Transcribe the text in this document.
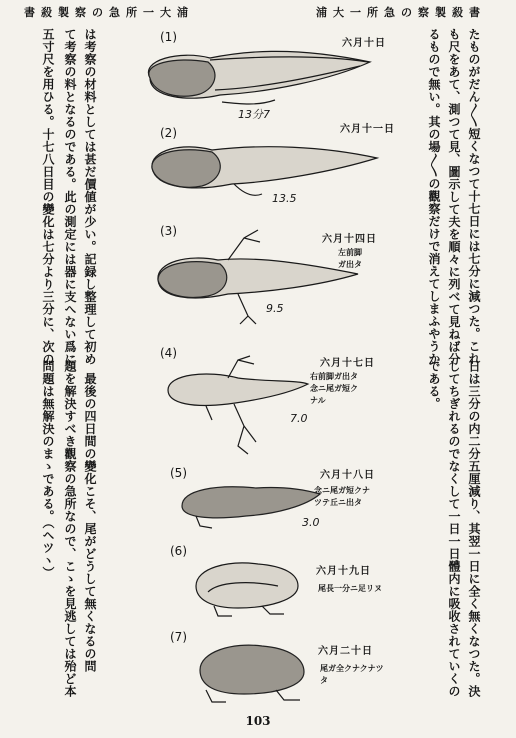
書殺製察の急所一大浦	浦大一所急の察製殺書
たものがだん〳〵短くなつて十七日には七分に減つた。これ
も尺をあて、測つて見、圖示して夫を順々に列べて見ねば分
るもので無い。其の場〳〵の觀察だけで消えてしまふやうか
日は三分の内二分五厘減り、其翌一日に全く無くなつた。決
してちぎれるのでなくして一日一日體内に吸收されていくの
である。
は考察の材料としては甚だ價値が少い。記録し整理して初め
て考察の料となるのである。此の測定には器に支へない爲に
五寸尺を用ひる。十七八日目の變化は七分より三分に、次の
　最後の四日間の變化こそ、尾がどうして無くなるの問
題を解決すべき觀察の急所なので、こゝを見逃しては殆ど本
問題は無解決のまゝである。（ヘツヽ）
(1)	六月十日
13分7
(2)	六月十一日
13.5
(3)
六月十四日
左前脚
ガ出タ
9.5
(4)
六月十七日
右前脚ガ出タ
念ニ尾ガ短ク
ナル
7.0
(5)	六月十八日
念ニ尾ガ短クナ
ツテ丘ニ出タ
3.0
(6)
六月十九日
尾長一分ニ足リヌ
(7)
六月二十日
尾ガ全クナクナツ
タ
103
